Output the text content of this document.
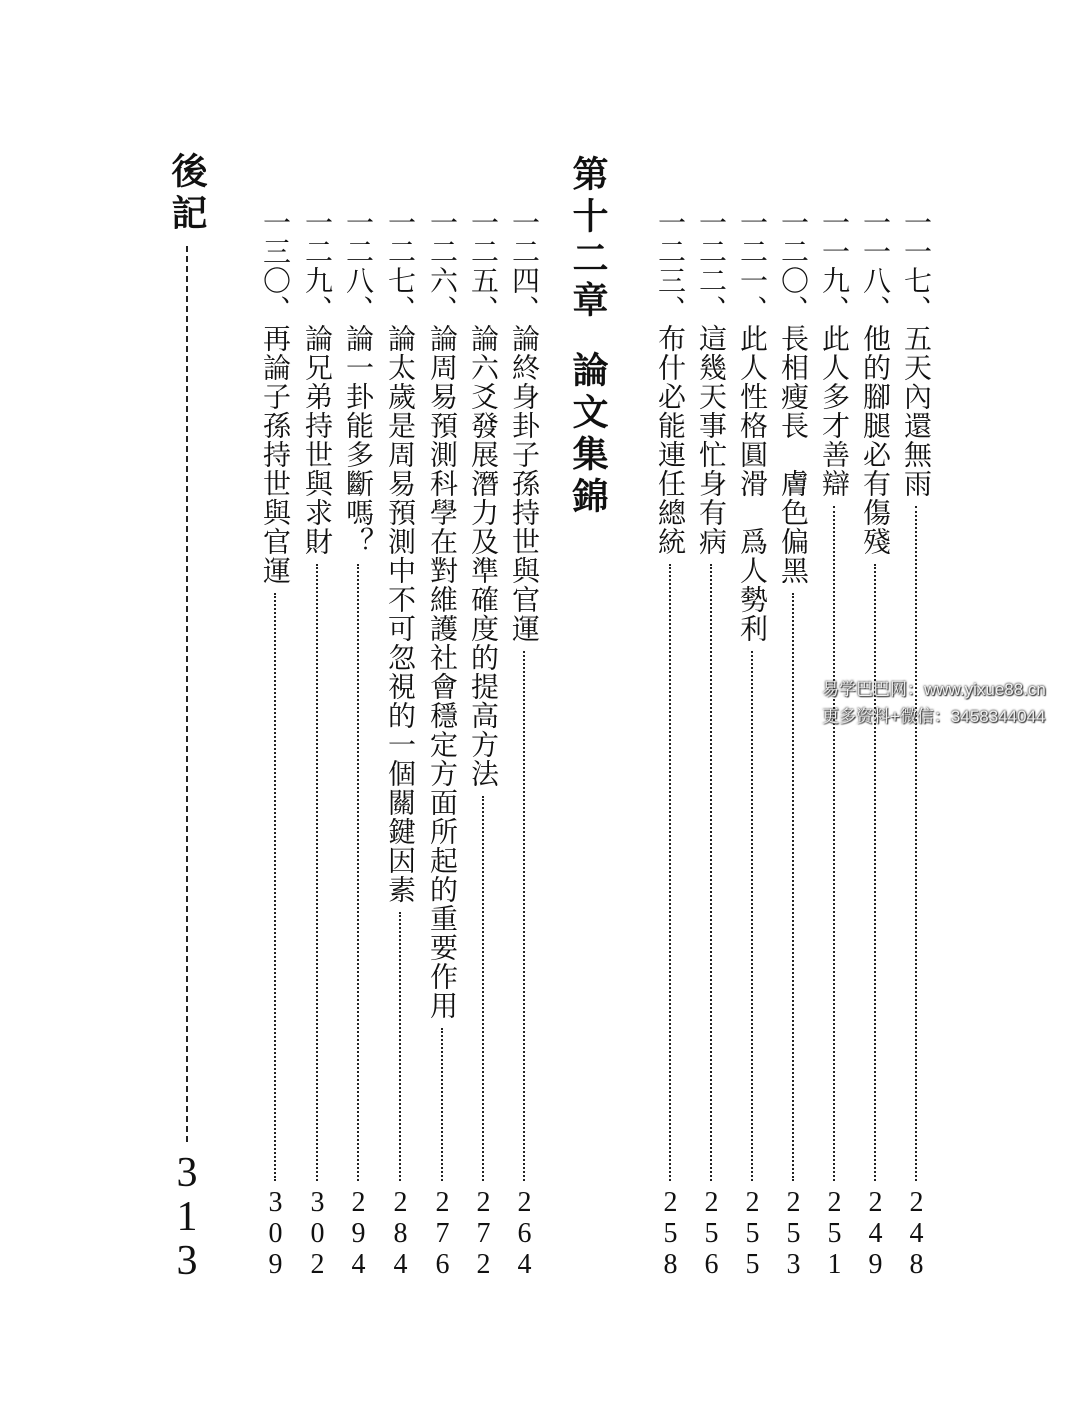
一一七、五天內還無雨
248
一一八、他的腳腿必有傷殘
249
一一九、此人多才善辯
251
一二〇、長相瘦長　膚色偏黑
253
一二一、此人性格圓滑　爲人勢利
255
一二二、這幾天事忙身有病
256
一二三、布什必能連任總統
258
第十二章論文集錦
一二四、論終身卦子孫持世與官運
264
一二五、論六爻發展潛力及準確度的提高方法
272
一二六、論周易預測科學在對維護社會穩定方面所起的重要作用
276
一二七、論太歲是周易預測中不可忽視的一個關鍵因素
284
一二八、論一卦能多斷嗎？
294
一二九、論兄弟持世與求財
302
一三〇、再論子孫持世與官運
309
後記
313
易学巴巴网：www.yixue88.cn
更多资料+微信：3458344044
